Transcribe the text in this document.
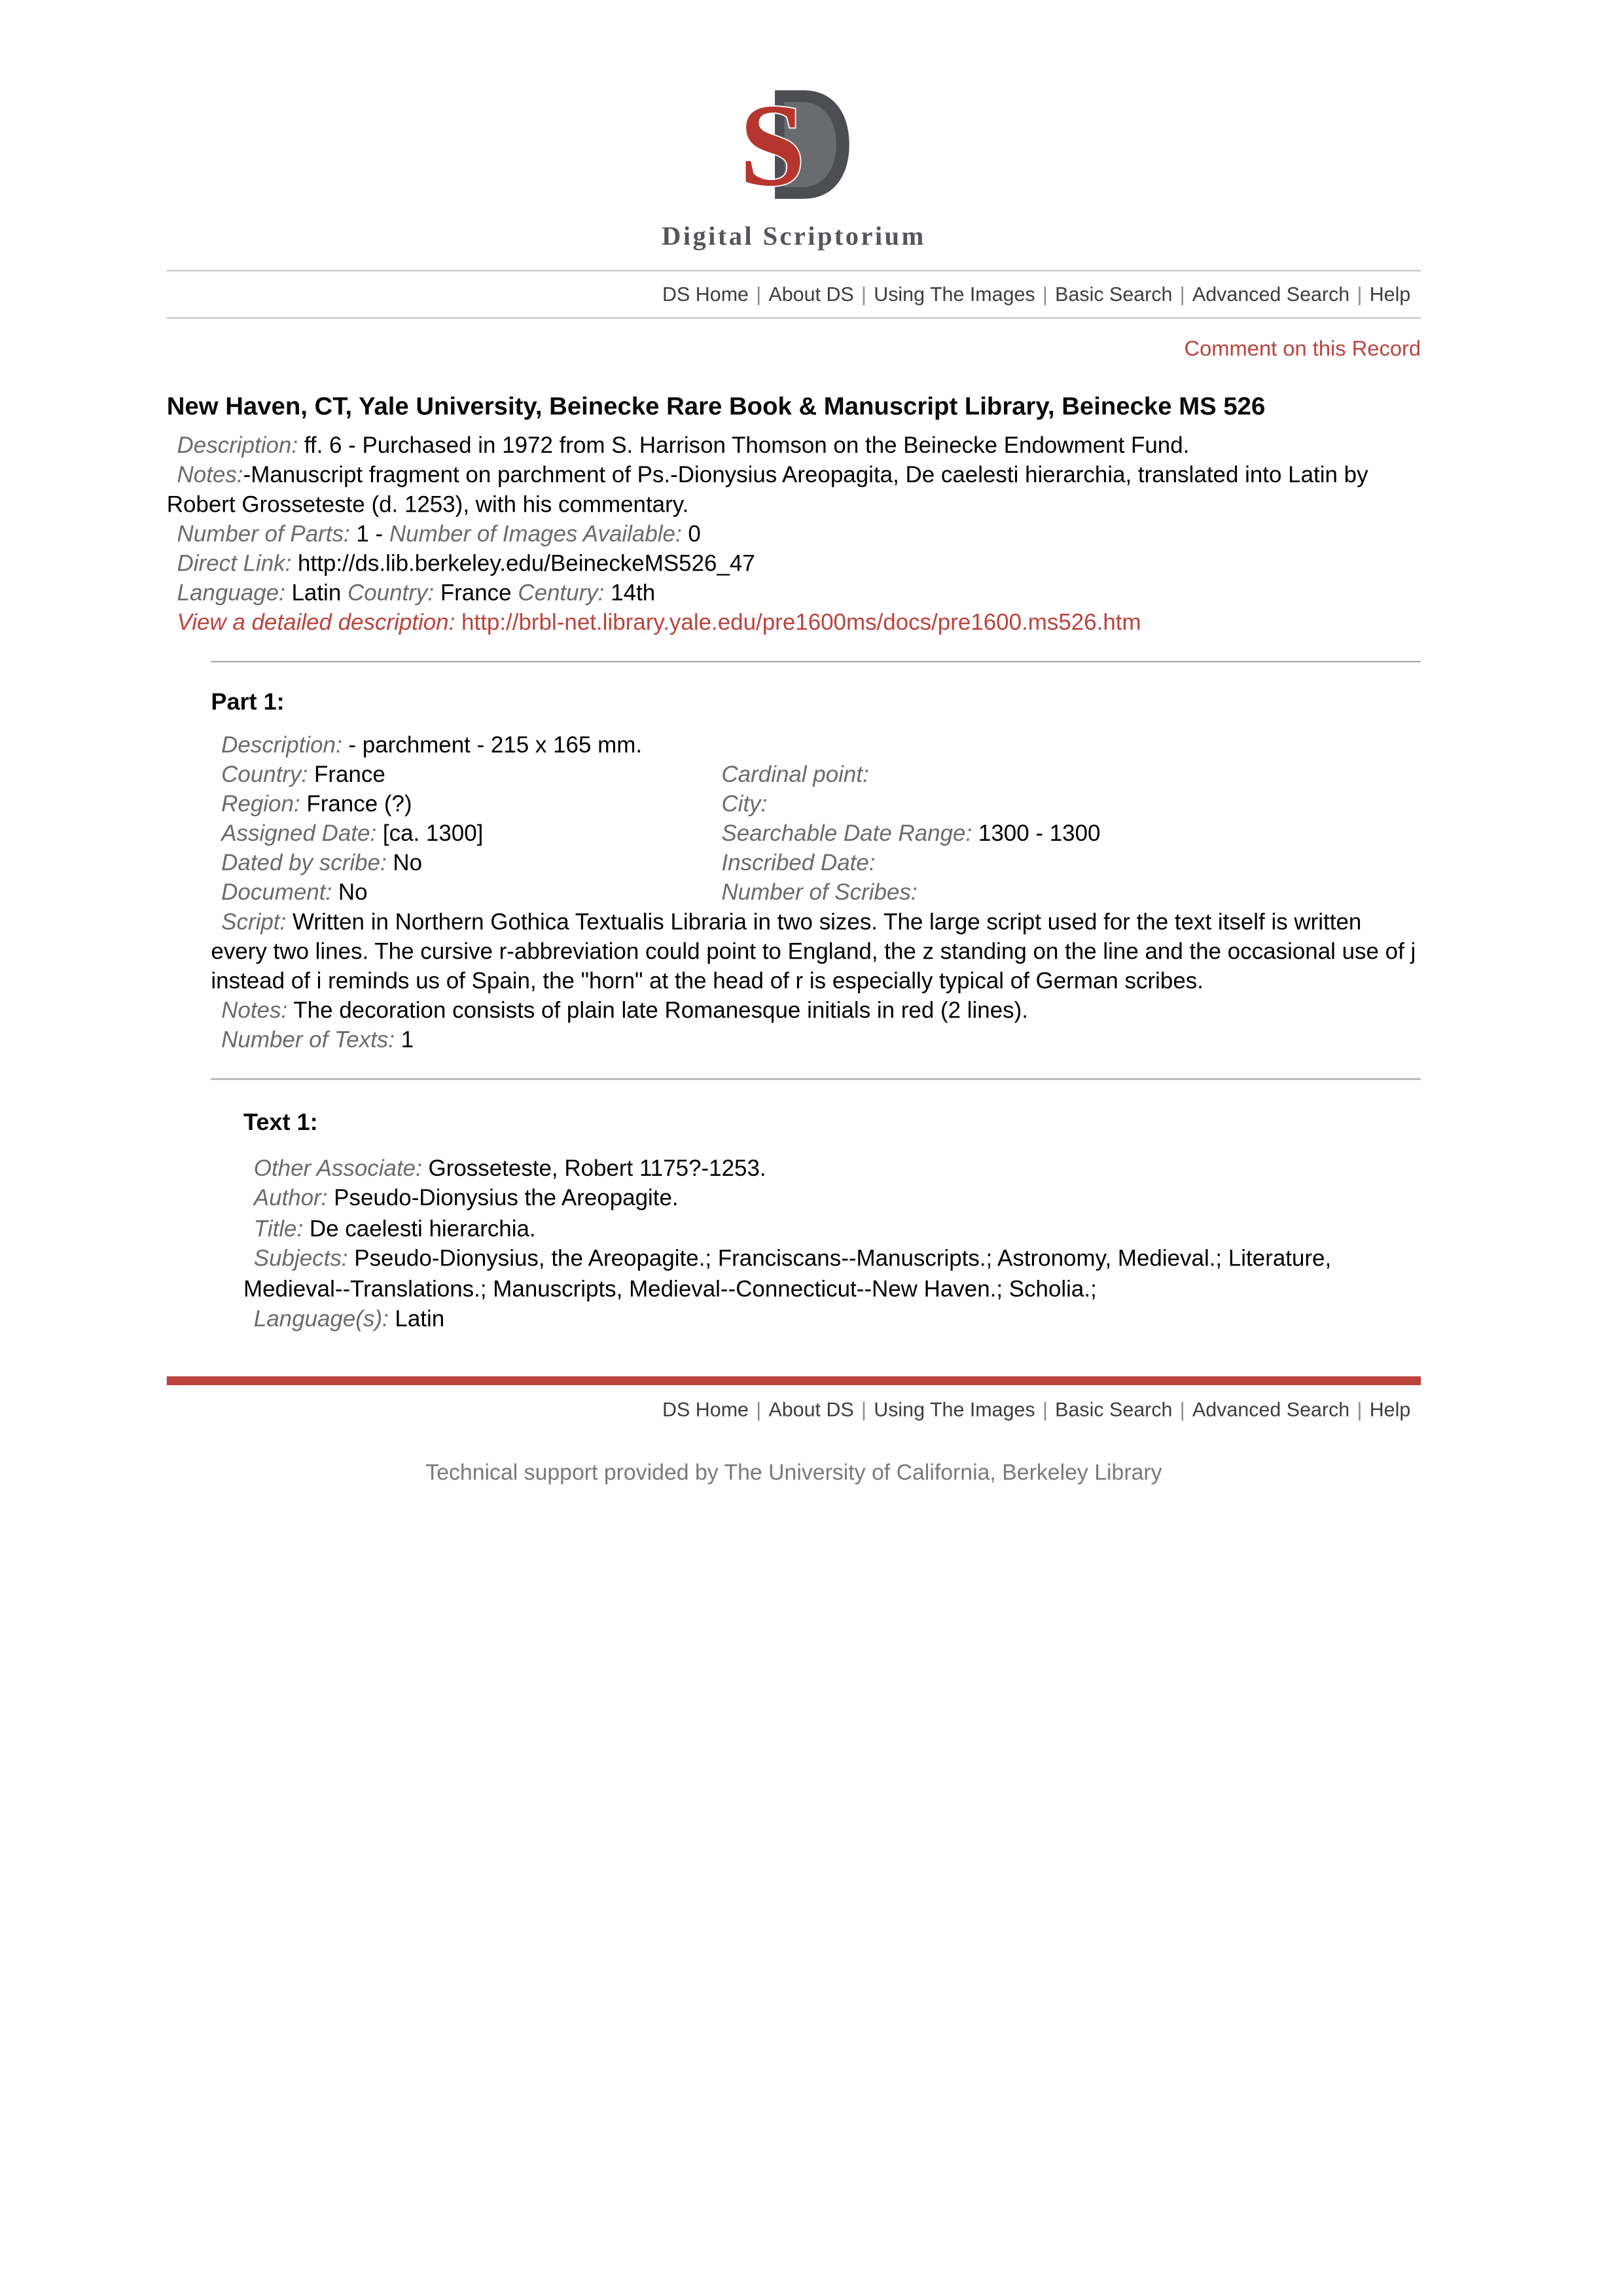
S
Digital Scriptorium
DS Home | About DS | Using The Images | Basic Search | Advanced Search | Help
Comment on this Record
New Haven, CT, Yale University, Beinecke Rare Book & Manuscript Library, Beinecke MS 526
Description: ff. 6 - Purchased in 1972 from S. Harrison Thomson on the Beinecke Endowment Fund.
Notes:-Manuscript fragment on parchment of Ps.-Dionysius Areopagita, De caelesti hierarchia, translated into Latin by Robert Grosseteste (d. 1253), with his commentary.
Number of Parts: 1 - Number of Images Available: 0
Direct Link: http://ds.lib.berkeley.edu/BeineckeMS526_47
Language: Latin Country: France Century: 14th
View a detailed description: http://brbl-net.library.yale.edu/pre1600ms/docs/pre1600.ms526.htm
Part 1:
Description: - parchment - 215 x 165 mm.
Country: France	Cardinal point:
Region: France (?)	City:
Assigned Date: [ca. 1300]	Searchable Date Range: 1300 - 1300
Dated by scribe: No	Inscribed Date:
Document: No	Number of Scribes:
Script: Written in Northern Gothica Textualis Libraria in two sizes. The large script used for the text itself is written every two lines. The cursive r-abbreviation could point to England, the z standing on the line and the occasional use of j instead of i reminds us of Spain, the "horn" at the head of r is especially typical of German scribes.
Notes: The decoration consists of plain late Romanesque initials in red (2 lines).
Number of Texts: 1
Text 1:
Other Associate: Grosseteste, Robert 1175?-1253.
Author: Pseudo-Dionysius the Areopagite.
Title: De caelesti hierarchia.
Subjects: Pseudo-Dionysius, the Areopagite.; Franciscans--Manuscripts.; Astronomy, Medieval.; Literature, Medieval--Translations.; Manuscripts, Medieval--Connecticut--New Haven.; Scholia.;
Language(s): Latin
DS Home | About DS | Using The Images | Basic Search | Advanced Search | Help
Technical support provided by The University of California, Berkeley Library
